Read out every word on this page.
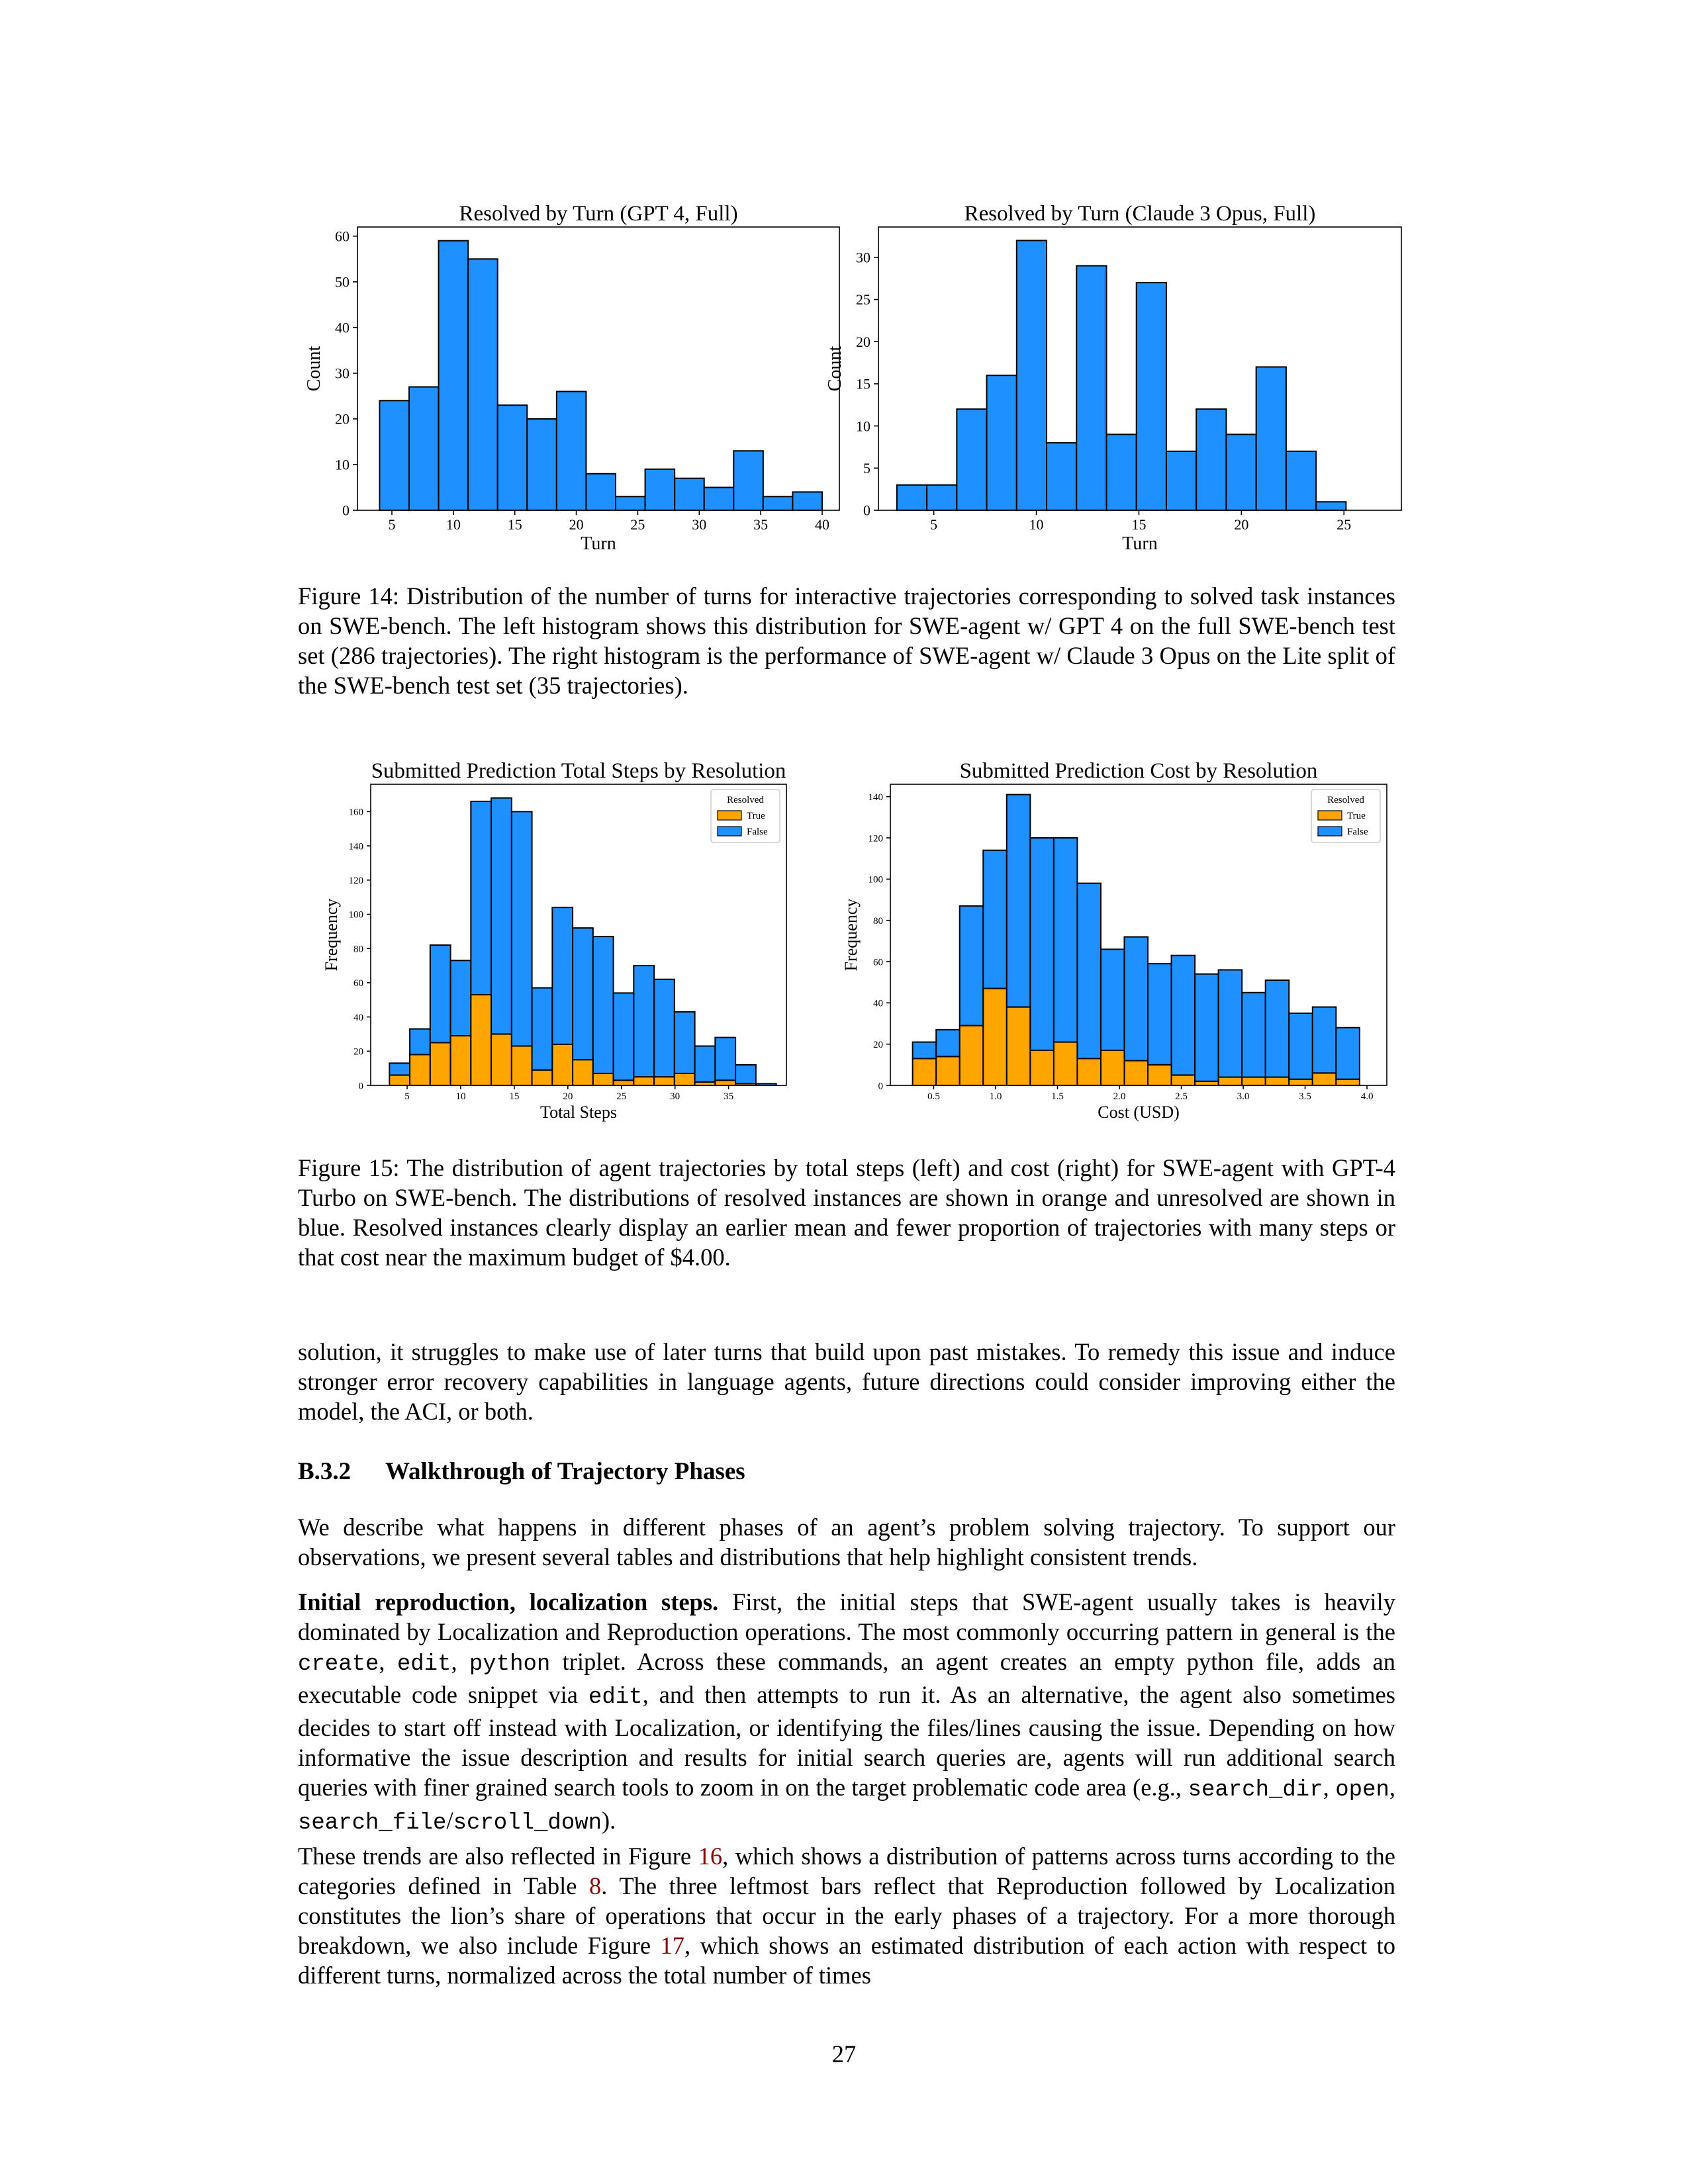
5	10	15	20	25	30	35	40
0
10
20
30
40
50
60
Resolved by Turn (GPT 4, Full)
Turn
Count
5	10	15	20	25
0
5
10
15
20
25
30
Resolved by Turn (Claude 3 Opus, Full)
Turn
Count
Figure 14: Distribution of the number of turns for interactive trajectories corresponding to solved task instances on SWE-bench. The left histogram shows this distribution for SWE-agent w/ GPT 4 on the full SWE-bench test set (286 trajectories). The right histogram is the performance of SWE-agent w/ Claude 3 Opus on the Lite split of the SWE-bench test set (35 trajectories).
5	10	15	20	25	30	35
0
20
40
60
80
100
120
140
160
Submitted Prediction Total Steps by Resolution
Total Steps
Frequency
Resolved
True
False
0.5	1.0	1.5	2.0	2.5	3.0	3.5	4.0
0
20
40
60
80
100
120
140
Submitted Prediction Cost by Resolution
Cost (USD)
Frequency
Resolved
True
False
Figure 15: The distribution of agent trajectories by total steps (left) and cost (right) for SWE-agent with GPT-4 Turbo on SWE-bench. The distributions of resolved instances are shown in orange and unresolved are shown in blue. Resolved instances clearly display an earlier mean and fewer proportion of trajectories with many steps or that cost near the maximum budget of $4.00.

solution, it struggles to make use of later turns that build upon past mistakes. To remedy this issue and induce stronger error recovery capabilities in language agents, future directions could consider improving either the model, the ACI, or both.

B.3.2 Walkthrough of Trajectory Phases

We describe what happens in different phases of an agent’s problem solving trajectory. To support our observations, we present several tables and distributions that help highlight consistent trends.

Initial reproduction, localization steps. First, the initial steps that SWE-agent usually takes is heavily dominated by Localization and Reproduction operations. The most commonly occurring pattern in general is the create, edit, python triplet. Across these commands, an agent creates an empty python file, adds an executable code snippet via edit, and then attempts to run it. As an alternative, the agent also sometimes decides to start off instead with Localization, or identifying the files/lines causing the issue. Depending on how informative the issue description and results for initial search queries are, agents will run additional search queries with finer grained search tools to zoom in on the target problematic code area (e.g., search_dir, open, search_file/scroll_down).

These trends are also reflected in Figure 16, which shows a distribution of patterns across turns according to the categories defined in Table 8. The three leftmost bars reflect that Reproduction followed by Localization constitutes the lion’s share of operations that occur in the early phases of a trajectory. For a more thorough breakdown, we also include Figure 17, which shows an estimated distribution of each action with respect to different turns, normalized across the total number of times

27
